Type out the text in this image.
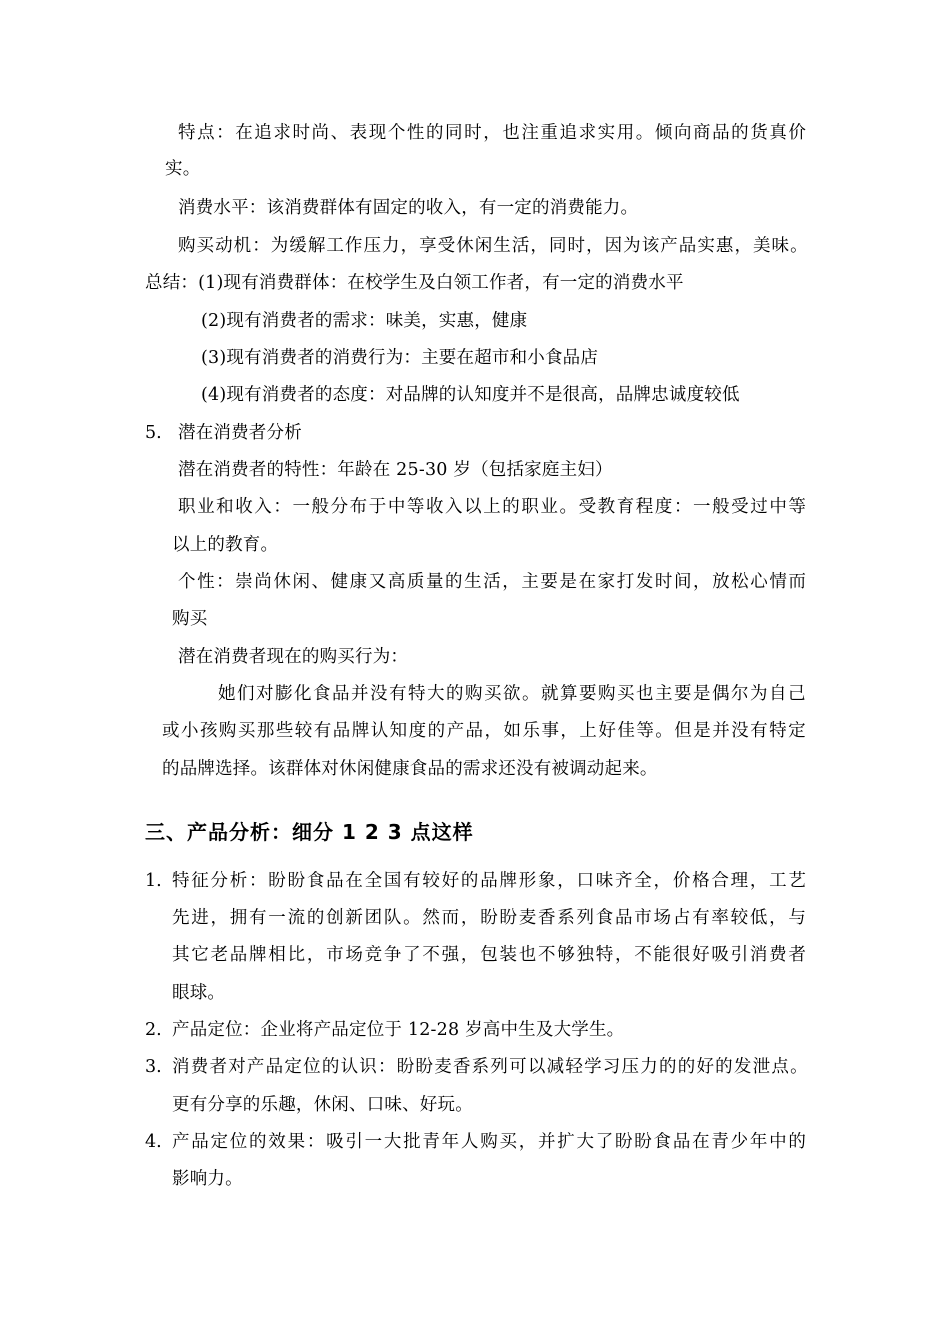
特点：在追求时尚、表现个性的同时，也注重追求实用。倾向商品的货真价
实。
消费水平：该消费群体有固定的收入，有一定的消费能力。
购买动机：为缓解工作压力，享受休闲生活，同时，因为该产品实惠，美味。
总结：(1)现有消费群体：在校学生及白领工作者，有一定的消费水平
(2)现有消费者的需求：味美，实惠，健康
(3)现有消费者的消费行为：主要在超市和小食品店
(4)现有消费者的态度：对品牌的认知度并不是很高，品牌忠诚度较低
5. 潜在消费者分析
潜在消费者的特性：年龄在 25-30 岁（包括家庭主妇）
职业和收入：一般分布于中等收入以上的职业。受教育程度：一般受过中等
以上的教育。
个性：崇尚休闲、健康又高质量的生活，主要是在家打发时间，放松心情而
购买
潜在消费者现在的购买行为：
她们对膨化食品并没有特大的购买欲。就算要购买也主要是偶尔为自己
或小孩购买那些较有品牌认知度的产品，如乐事，上好佳等。但是并没有特定
的品牌选择。该群体对休闲健康食品的需求还没有被调动起来。
三、产品分析：细分 1 2 3 点这样
1. 特征分析：盼盼食品在全国有较好的品牌形象，口味齐全，价格合理，工艺
先进，拥有一流的创新团队。然而，盼盼麦香系列食品市场占有率较低，与
其它老品牌相比，市场竞争了不强，包装也不够独特，不能很好吸引消费者
眼球。
2. 产品定位：企业将产品定位于 12-28 岁高中生及大学生。
3. 消费者对产品定位的认识：盼盼麦香系列可以减轻学习压力的的好的发泄点。
更有分享的乐趣，休闲、口味、好玩。
4. 产品定位的效果：吸引一大批青年人购买，并扩大了盼盼食品在青少年中的
影响力。
